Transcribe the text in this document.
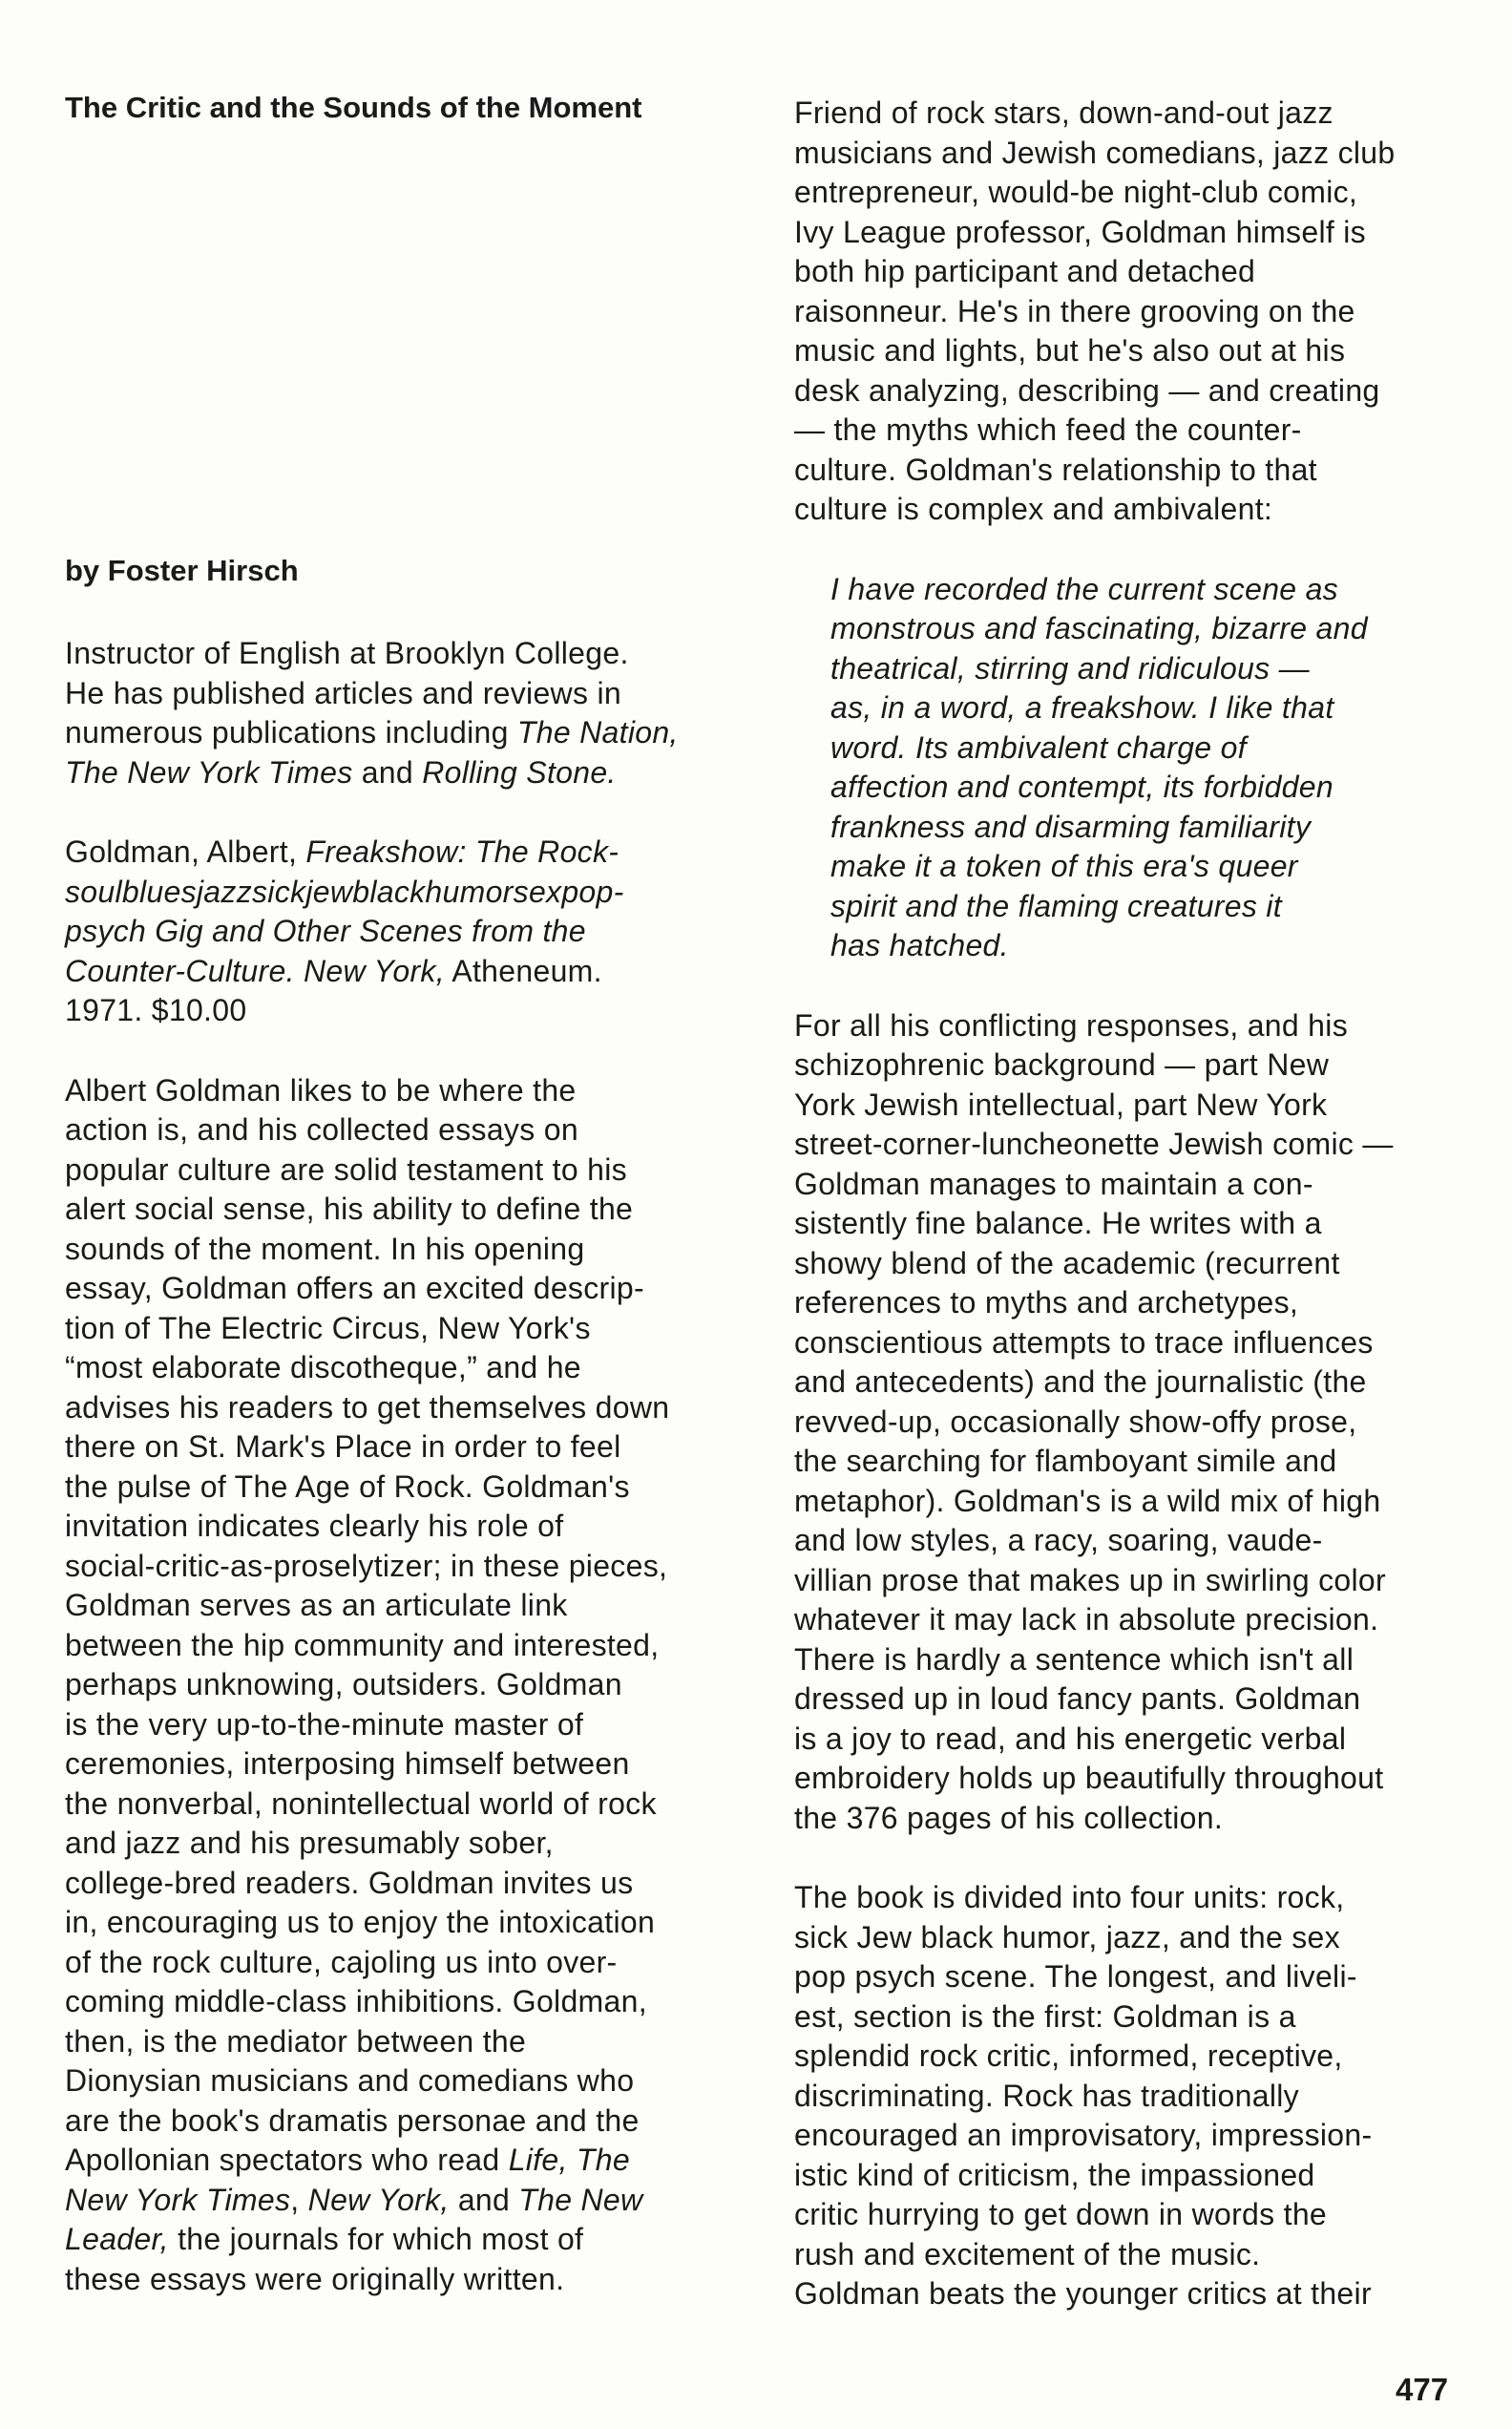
The Critic and the Sounds of the Moment

by Foster Hirsch

Instructor of English at Brooklyn College.
He has published articles and reviews in
numerous publications including The Nation,
The New York Times and Rolling Stone.
Goldman, Albert, Freakshow: The Rock-
soulbluesjazzsickjewblackhumorsexpop-
psych Gig and Other Scenes from the
Counter-Culture. New York, Atheneum.
1971. $10.00
Albert Goldman likes to be where the
action is, and his collected essays on
popular culture are solid testament to his
alert social sense, his ability to define the
sounds of the moment. In his opening
essay, Goldman offers an excited descrip-
tion of The Electric Circus, New York's
“most elaborate discotheque,” and he
advises his readers to get themselves down
there on St. Mark's Place in order to feel
the pulse of The Age of Rock. Goldman's
invitation indicates clearly his role of
social-critic-as-proselytizer; in these pieces,
Goldman serves as an articulate link
between the hip community and interested,
perhaps unknowing, outsiders. Goldman
is the very up-to-the-minute master of
ceremonies, interposing himself between
the nonverbal, nonintellectual world of rock
and jazz and his presumably sober,
college-bred readers. Goldman invites us
in, encouraging us to enjoy the intoxication
of the rock culture, cajoling us into over-
coming middle-class inhibitions. Goldman,
then, is the mediator between the
Dionysian musicians and comedians who
are the book's dramatis personae and the
Apollonian spectators who read Life, The
New York Times, New York, and The New
Leader, the journals for which most of
these essays were originally written.
Friend of rock stars, down-and-out jazz
musicians and Jewish comedians, jazz club
entrepreneur, would-be night-club comic,
Ivy League professor, Goldman himself is
both hip participant and detached
raisonneur. He's in there grooving on the
music and lights, but he's also out at his
desk analyzing, describing — and creating
— the myths which feed the counter-
culture. Goldman's relationship to that
culture is complex and ambivalent:
I have recorded the current scene as
monstrous and fascinating, bizarre and
theatrical, stirring and ridiculous —
as, in a word, a freakshow. I like that
word. Its ambivalent charge of
affection and contempt, its forbidden
frankness and disarming familiarity
make it a token of this era's queer
spirit and the flaming creatures it
has hatched.
For all his conflicting responses, and his
schizophrenic background — part New
York Jewish intellectual, part New York
street-corner-luncheonette Jewish comic —
Goldman manages to maintain a con-
sistently fine balance. He writes with a
showy blend of the academic (recurrent
references to myths and archetypes,
conscientious attempts to trace influences
and antecedents) and the journalistic (the
revved-up, occasionally show-offy prose,
the searching for flamboyant simile and
metaphor). Goldman's is a wild mix of high
and low styles, a racy, soaring, vaude-
villian prose that makes up in swirling color
whatever it may lack in absolute precision.
There is hardly a sentence which isn't all
dressed up in loud fancy pants. Goldman
is a joy to read, and his energetic verbal
embroidery holds up beautifully throughout
the 376 pages of his collection.
The book is divided into four units: rock,
sick Jew black humor, jazz, and the sex
pop psych scene. The longest, and liveli-
est, section is the first: Goldman is a
splendid rock critic, informed, receptive,
discriminating. Rock has traditionally
encouraged an improvisatory, impression-
istic kind of criticism, the impassioned
critic hurrying to get down in words the
rush and excitement of the music.
Goldman beats the younger critics at their
477
